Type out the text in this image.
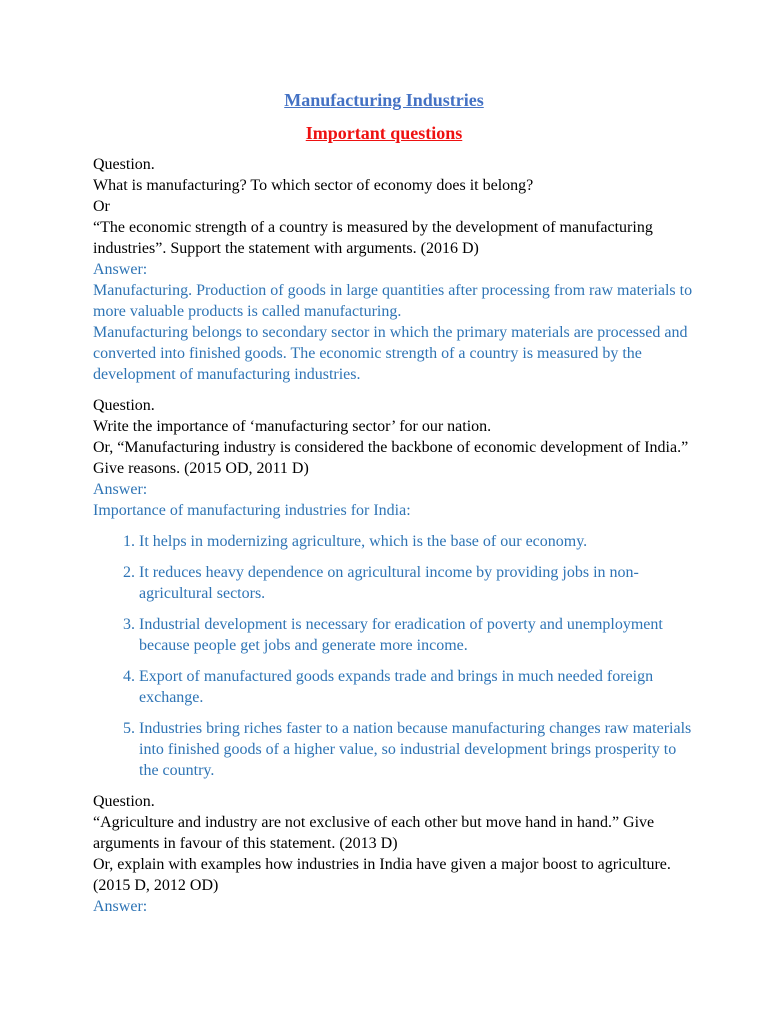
Manufacturing Industries
Important questions

Question.

What is manufacturing? To which sector of economy does it belong?

Or

“The economic strength of a country is measured by the development of manufacturing industries”. Support the statement with arguments. (2016 D)

Answer:

Manufacturing. Production of goods in large quantities after processing from raw materials to more valuable products is called manufacturing.

Manufacturing belongs to secondary sector in which the primary materials are processed and converted into finished goods. The economic strength of a country is measured by the development of manufacturing industries.

Question.

Write the importance of ‘manufacturing sector’ for our nation.

Or, “Manufacturing industry is considered the backbone of economic development of India.” Give reasons. (2015 OD, 2011 D)

Answer:

Importance of manufacturing industries for India:

1. It helps in modernizing agriculture, which is the base of our economy.
2. It reduces heavy dependence on agricultural income by providing jobs in non-agricultural sectors.
3. Industrial development is necessary for eradication of poverty and unemployment because people get jobs and generate more income.
4. Export of manufactured goods expands trade and brings in much needed foreign exchange.
5. Industries bring riches faster to a nation because manufacturing changes raw materials into finished goods of a higher value, so industrial development brings prosperity to the country.

Question.

“Agriculture and industry are not exclusive of each other but move hand in hand.” Give arguments in favour of this statement. (2013 D)

Or, explain with examples how industries in India have given a major boost to agriculture. (2015 D, 2012 OD)

Answer:
